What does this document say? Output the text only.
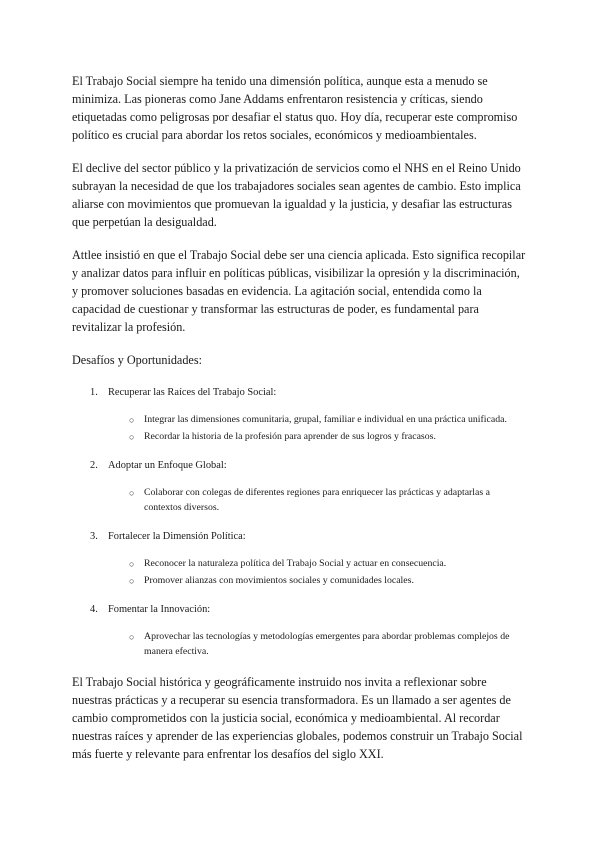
El Trabajo Social siempre ha tenido una dimensión política, aunque esta a menudo se minimiza. Las pioneras como Jane Addams enfrentaron resistencia y críticas, siendo etiquetadas como peligrosas por desafiar el status quo. Hoy día, recuperar este compromiso político es crucial para abordar los retos sociales, económicos y medioambientales.

El declive del sector público y la privatización de servicios como el NHS en el Reino Unido subrayan la necesidad de que los trabajadores sociales sean agentes de cambio. Esto implica aliarse con movimientos que promuevan la igualdad y la justicia, y desafiar las estructuras que perpetúan la desigualdad.

Attlee insistió en que el Trabajo Social debe ser una ciencia aplicada. Esto significa recopilar y analizar datos para influir en políticas públicas, visibilizar la opresión y la discriminación, y promover soluciones basadas en evidencia. La agitación social, entendida como la capacidad de cuestionar y transformar las estructuras de poder, es fundamental para revitalizar la profesión.

Desafíos y Oportunidades:

1. Recuperar las Raíces del Trabajo Social:
○ Integrar las dimensiones comunitaria, grupal, familiar e individual en una práctica unificada.
○ Recordar la historia de la profesión para aprender de sus logros y fracasos.
2. Adoptar un Enfoque Global:
○ Colaborar con colegas de diferentes regiones para enriquecer las prácticas y adaptarlas a contextos diversos.
3. Fortalecer la Dimensión Política:
○ Reconocer la naturaleza política del Trabajo Social y actuar en consecuencia.
○ Promover alianzas con movimientos sociales y comunidades locales.
4. Fomentar la Innovación:
○ Aprovechar las tecnologías y metodologías emergentes para abordar problemas complejos de manera efectiva.

El Trabajo Social histórica y geográficamente instruido nos invita a reflexionar sobre nuestras prácticas y a recuperar su esencia transformadora. Es un llamado a ser agentes de cambio comprometidos con la justicia social, económica y medioambiental. Al recordar nuestras raíces y aprender de las experiencias globales, podemos construir un Trabajo Social más fuerte y relevante para enfrentar los desafíos del siglo XXI.
